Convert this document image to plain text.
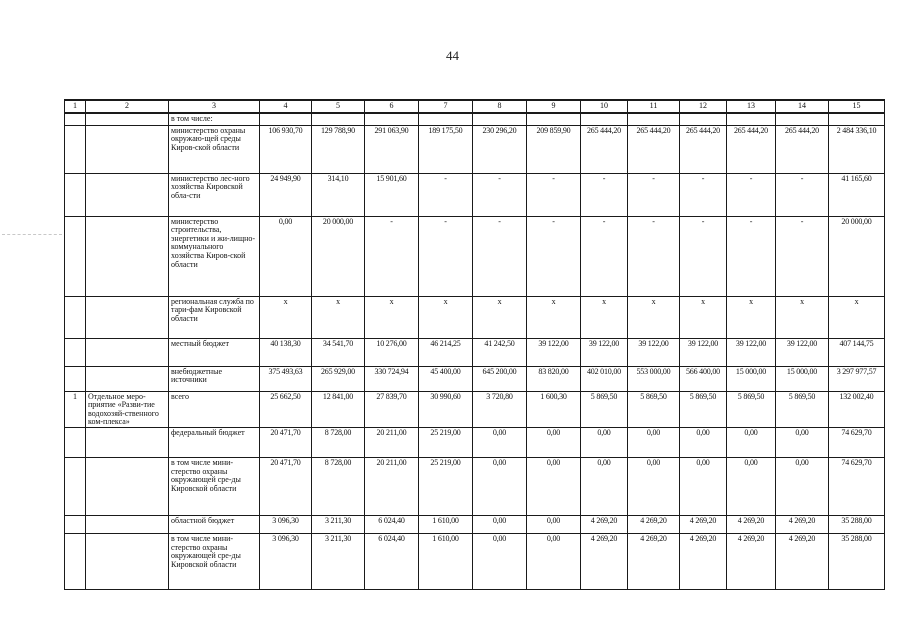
44
1	2	3	4	5	6	7	8	9	10	11	12	13	14	15
		в том числе:												
		министерство охраны окружаю-щей среды Киров-ской области	106 930,70	129 788,90	291 063,90	189 175,50	230 296,20	209 859,90	265 444,20	265 444,20	265 444,20	265 444,20	265 444,20	2 484 336,10
		министерство лес-ного хозяйства Кировской обла-сти	24 949,90	314,10	15 901,60	-	-	-	-	-	-	-	-	41 165,60
		министерство строительства, энергетики и жи-лищно-коммунального хозяйства Киров-ской области	0,00	20 000,00	-	-	-	-	-	-	-	-	-	20 000,00
		региональная служба по тари-фам Кировской области	x	x	x	x	x	x	x	x	x	x	x	x
		местный бюджет	40 138,30	34 541,70	10 276,00	46 214,25	41 242,50	39 122,00	39 122,00	39 122,00	39 122,00	39 122,00	39 122,00	407 144,75
		внебюджетные источники	375 493,63	265 929,00	330 724,94	45 400,00	645 200,00	83 820,00	402 010,00	553 000,00	566 400,00	15 000,00	15 000,00	3 297 977,57
1	Отдельное меро-приятие «Разви-тие водохозяй-ственного ком-плекса»	всего	25 662,50	12 841,00	27 839,70	30 990,60	3 720,80	1 600,30	5 869,50	5 869,50	5 869,50	5 869,50	5 869,50	132 002,40
		федеральный бюджет	20 471,70	8 728,00	20 211,00	25 219,00	0,00	0,00	0,00	0,00	0,00	0,00	0,00	74 629,70
		в том числе мини-стерство охраны окружающей сре-ды Кировской области	20 471,70	8 728,00	20 211,00	25 219,00	0,00	0,00	0,00	0,00	0,00	0,00	0,00	74 629,70
		областной бюджет	3 096,30	3 211,30	6 024,40	1 610,00	0,00	0,00	4 269,20	4 269,20	4 269,20	4 269,20	4 269,20	35 288,00
		в том числе мини-стерство охраны окружающей сре-ды Кировской области	3 096,30	3 211,30	6 024,40	1 610,00	0,00	0,00	4 269,20	4 269,20	4 269,20	4 269,20	4 269,20	35 288,00
